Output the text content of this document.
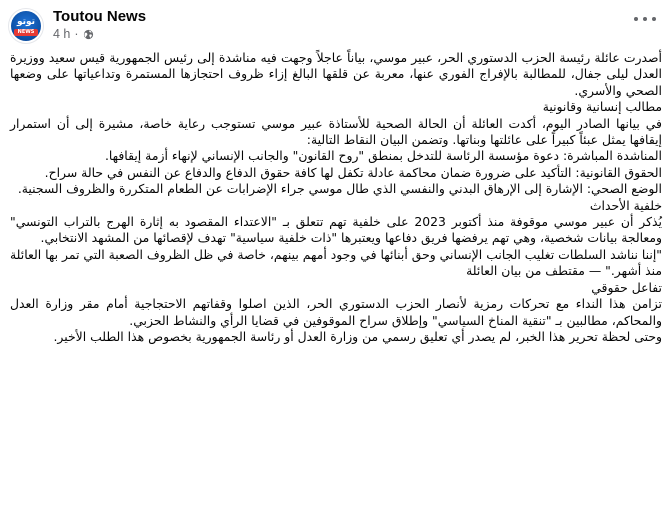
توتو
NEWS
Toutou News
4 h ·

أصدرت عائلة رئيسة الحزب الدستوري الحر، عبير موسي، بياناً عاجلاً وجهت فيه مناشدة إلى رئيس الجمهورية قيس سعيد ووزيرة العدل ليلى جفال، للمطالبة بالإفراج الفوري عنها، معربة عن قلقها البالغ إزاء ظروف احتجازها المستمرة وتداعياتها على وضعها الصحي والأسري.

مطالب إنسانية وقانونية

في بيانها الصادر اليوم، أكدت العائلة أن الحالة الصحية للأستاذة عبير موسي تستوجب رعاية خاصة، مشيرة إلى أن استمرار إيقافها يمثل عبئاً كبيراً على عائلتها وبناتها. وتضمن البيان النقاط التالية:

المناشدة المباشرة: دعوة مؤسسة الرئاسة للتدخل بمنطق "روح القانون" والجانب الإنساني لإنهاء أزمة إيقافها.

الحقوق القانونية: التأكيد على ضرورة ضمان محاكمة عادلة تكفل لها كافة حقوق الدفاع والدفاع عن النفس في حالة سراح.

الوضع الصحي: الإشارة إلى الإرهاق البدني والنفسي الذي طال موسي جراء الإضرابات عن الطعام المتكررة والظروف السجنية.

خلفية الأحداث

يُذكر أن عبير موسي موقوفة منذ أكتوبر 2023 على خلفية تهم تتعلق بـ "الاعتداء المقصود به إثارة الهرج بالتراب التونسي" ومعالجة بيانات شخصية، وهي تهم يرفضها فريق دفاعها ويعتبرها "ذات خلفية سياسية" تهدف لإقصائها من المشهد الانتخابي.

"إننا نناشد السلطات تغليب الجانب الإنساني وحق أبنائها في وجود أمهم بينهم، خاصة في ظل الظروف الصعبة التي تمر بها العائلة منذ أشهر." — مقتطف من بيان العائلة

تفاعل حقوقي

تزامن هذا النداء مع تحركات رمزية لأنصار الحزب الدستوري الحر، الذين اصلوا وقفاتهم الاحتجاجية أمام مقر وزارة العدل والمحاكم، مطالبين بـ "تنقية المناخ السياسي" وإطلاق سراح الموقوفين في قضايا الرأي والنشاط الحزبي.

وحتى لحظة تحرير هذا الخبر، لم يصدر أي تعليق رسمي من وزارة العدل أو رئاسة الجمهورية بخصوص هذا الطلب الأخير.
